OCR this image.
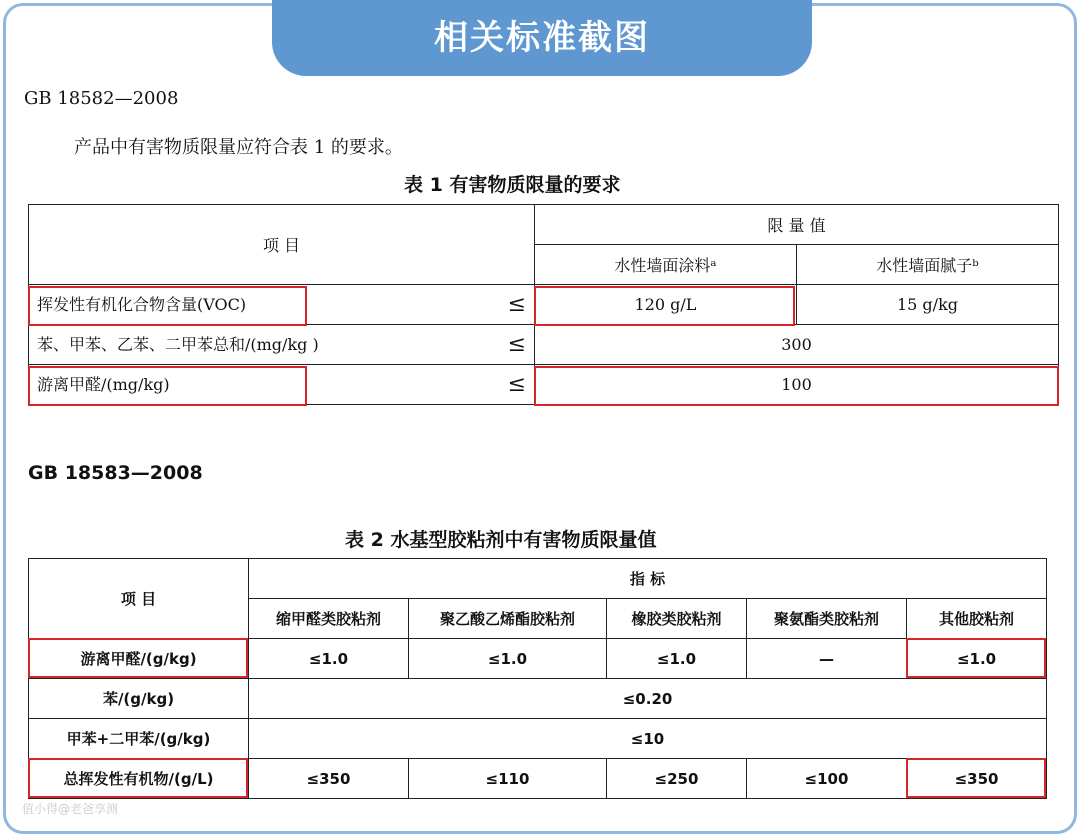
相关标准截图
GB 18582—2008
产品中有害物质限量应符合表 1 的要求。
表 1 有害物质限量的要求
项 目	限 量 值	
	水性墙面涂料ᵃ	水性墙面腻子ᵇ
挥发性有机化合物含量(VOC) ≤	120 g/L	15 g/kg
苯、甲苯、乙苯、二甲苯总和/(mg/kg ) ≤	300	
游离甲醛/(mg/kg) ≤	100	
GB 18583—2008
表 2 水基型胶粘剂中有害物质限量值
项 目	指 标				
	缩甲醛类胶粘剂	聚乙酸乙烯酯胶粘剂	橡胶类胶粘剂	聚氨酯类胶粘剂	其他胶粘剂
游离甲醛/(g/kg)	≤1.0	≤1.0	≤1.0	—	≤1.0
苯/(g/kg)	≤0.20				
甲苯+二甲苯/(g/kg)	≤10				
总挥发性有机物/(g/L)	≤350	≤110	≤250	≤100	≤350
值小得@老爸享测
